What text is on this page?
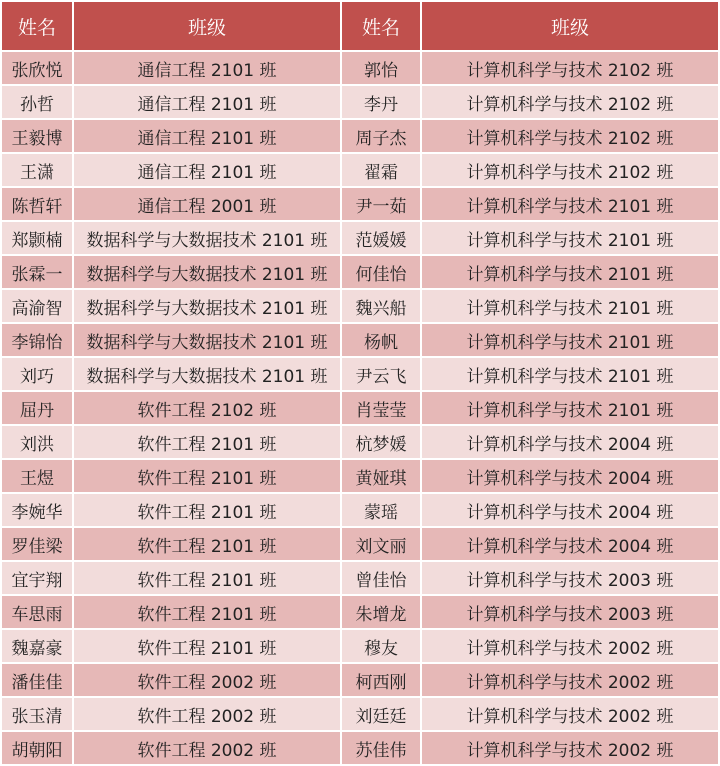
姓名	班级	姓名	班级
张欣悦	通信工程 2101 班	郭怡	计算机科学与技术 2102 班
孙哲	通信工程 2101 班	李丹	计算机科学与技术 2102 班
王毅博	通信工程 2101 班	周子杰	计算机科学与技术 2102 班
王潇	通信工程 2101 班	翟霜	计算机科学与技术 2102 班
陈哲轩	通信工程 2001 班	尹一茹	计算机科学与技术 2101 班
郑颢楠	数据科学与大数据技术 2101 班	范媛媛	计算机科学与技术 2101 班
张霖一	数据科学与大数据技术 2101 班	何佳怡	计算机科学与技术 2101 班
高渝智	数据科学与大数据技术 2101 班	魏兴船	计算机科学与技术 2101 班
李锦怡	数据科学与大数据技术 2101 班	杨帆	计算机科学与技术 2101 班
刘巧	数据科学与大数据技术 2101 班	尹云飞	计算机科学与技术 2101 班
屈丹	软件工程 2102 班	肖莹莹	计算机科学与技术 2101 班
刘洪	软件工程 2101 班	杭梦媛	计算机科学与技术 2004 班
王煜	软件工程 2101 班	黄娅琪	计算机科学与技术 2004 班
李婉华	软件工程 2101 班	蒙瑶	计算机科学与技术 2004 班
罗佳梁	软件工程 2101 班	刘文丽	计算机科学与技术 2004 班
宜宇翔	软件工程 2101 班	曾佳怡	计算机科学与技术 2003 班
车思雨	软件工程 2101 班	朱增龙	计算机科学与技术 2003 班
魏嘉豪	软件工程 2101 班	穆友	计算机科学与技术 2002 班
潘佳佳	软件工程 2002 班	柯西刚	计算机科学与技术 2002 班
张玉清	软件工程 2002 班	刘廷廷	计算机科学与技术 2002 班
胡朝阳	软件工程 2002 班	苏佳伟	计算机科学与技术 2002 班
